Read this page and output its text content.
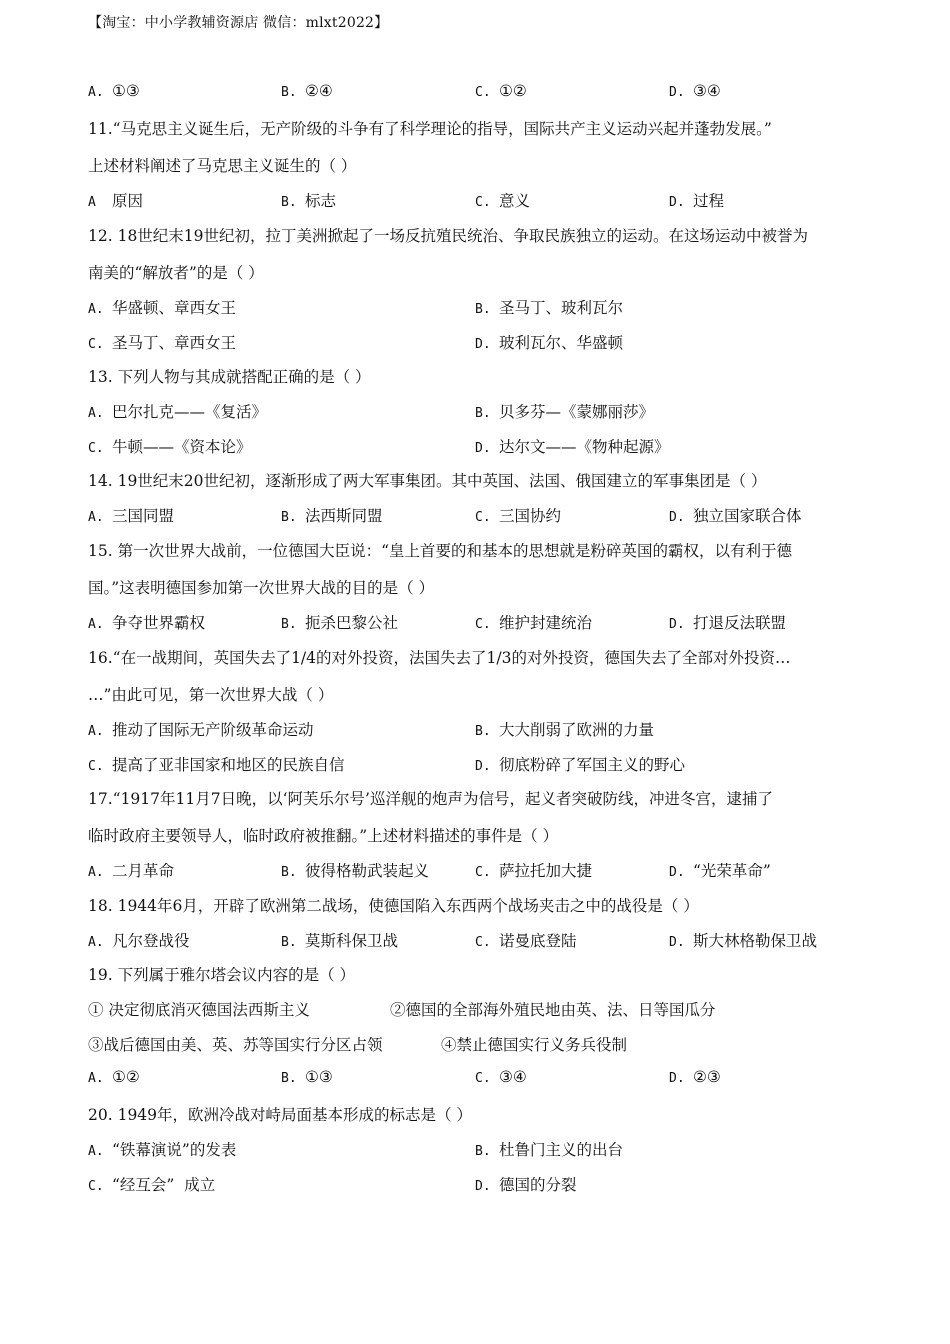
【淘宝：中小学教辅资源店 微信：mlxt2022】
A. ①③	B. ②④	C. ①②	D. ③④
11.“马克思主义诞生后，无产阶级的斗争有了科学理论的指导，国际共产主义运动兴起并蓬勃发展。”
上述材料阐述了马克思主义诞生的（ ）
A 原因	B. 标志	C. 意义	D. 过程
12. 18世纪末19世纪初，拉丁美洲掀起了一场反抗殖民统治、争取民族独立的运动。在这场运动中被誉为
南美的“解放者”的是（ ）
A. 华盛顿、章西女王	B. 圣马丁、玻利瓦尔
C. 圣马丁、章西女王	D. 玻利瓦尔、华盛顿
13. 下列人物与其成就搭配正确的是（ ）
A. 巴尔扎克——《复活》	B. 贝多芬—《蒙娜丽莎》
C. 牛顿——《资本论》	D. 达尔文——《物种起源》
14. 19世纪末20世纪初，逐渐形成了两大军事集团。其中英国、法国、俄国建立的军事集团是（ ）
A. 三国同盟	B. 法西斯同盟	C. 三国协约	D. 独立国家联合体
15. 第一次世界大战前，一位德国大臣说：“皇上首要的和基本的思想就是粉碎英国的霸权，以有利于德
国。”这表明德国参加第一次世界大战的目的是（ ）
A. 争夺世界霸权	B. 扼杀巴黎公社	C. 维护封建统治	D. 打退反法联盟
16.“在一战期间，英国失去了1/4的对外投资，法国失去了1/3的对外投资，德国失去了全部对外投资…
…”由此可见，第一次世界大战（ ）
A. 推动了国际无产阶级革命运动	B. 大大削弱了欧洲的力量
C. 提高了亚非国家和地区的民族自信	D. 彻底粉碎了军国主义的野心
17.“1917年11月7日晚，以‘阿芙乐尔号’巡洋舰的炮声为信号，起义者突破防线，冲进冬宫，逮捕了
临时政府主要领导人，临时政府被推翻。”上述材料描述的事件是（ ）
A. 二月革命	B. 彼得格勒武装起义	C. 萨拉托加大捷	D. “光荣革命”
18. 1944年6月，开辟了欧洲第二战场，使德国陷入东西两个战场夹击之中的战役是（ ）
A. 凡尔登战役	B. 莫斯科保卫战	C. 诺曼底登陆	D. 斯大林格勒保卫战
19. 下列属于雅尔塔会议内容的是（ ）
① 决定彻底消灭德国法西斯主义	②德国的全部海外殖民地由英、法、日等国瓜分
③战后德国由美、英、苏等国实行分区占领	④禁止德国实行义务兵役制
A. ①②	B. ①③	C. ③④	D. ②③
20. 1949年，欧洲冷战对峙局面基本形成的标志是（ ）
A. “铁幕演说”的发表	B. 杜鲁门主义的出台
C. “经互会”  成立	D. 德国的分裂
